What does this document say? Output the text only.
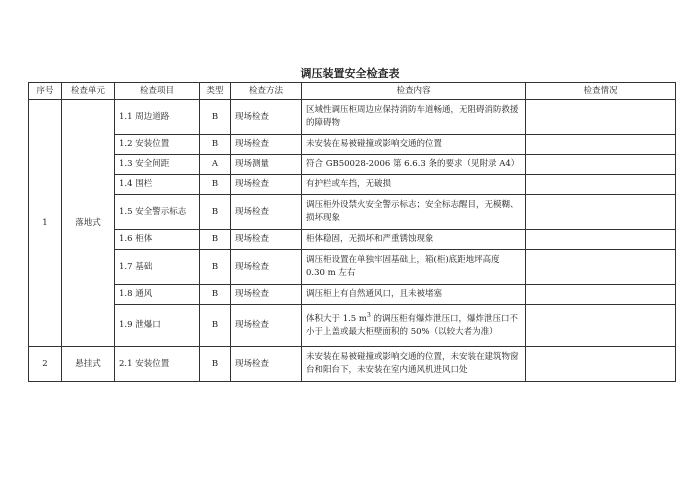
调压装置安全检查表
序号	检查单元	检查项目	类型	检查方法	检查内容	检查情况
1	落地式	1.1 周边道路	B	现场检查	区域性调压柜周边应保持消防车道畅通，无阻碍消防救援的障碍物	
		1.2 安装位置	B	现场检查	未安装在易被碰撞或影响交通的位置	
		1.3 安全间距	A	现场测量	符合 GB50028-2006 第 6.6.3 条的要求（见附录 A4）	
		1.4 围栏	B	现场检查	有护栏或车挡，无破损	
		1.5 安全警示标志	B	现场检查	调压柜外设禁火安全警示标志；安全标志醒目，无模糊、损坏现象	
		1.6 柜体	B	现场检查	柜体稳固，无损坏和严重锈蚀现象	
		1.7 基础	B	现场检查	调压柜设置在单独牢固基础上，箱(柜)底距地坪高度 0.30 m 左右	
		1.8 通风	B	现场检查	调压柜上有自然通风口，且未被堵塞	
		1.9 泄爆口	B	现场检查	体积大于 1.5 $m^3$ 的调压柜有爆炸泄压口，爆炸泄压口不小于上盖或最大柜壁面积的 50%（以较大者为准）	
2	悬挂式	2.1 安装位置	B	现场检查	未安装在易被碰撞或影响交通的位置，未安装在建筑物窗台和阳台下，未安装在室内通风机进风口处	
